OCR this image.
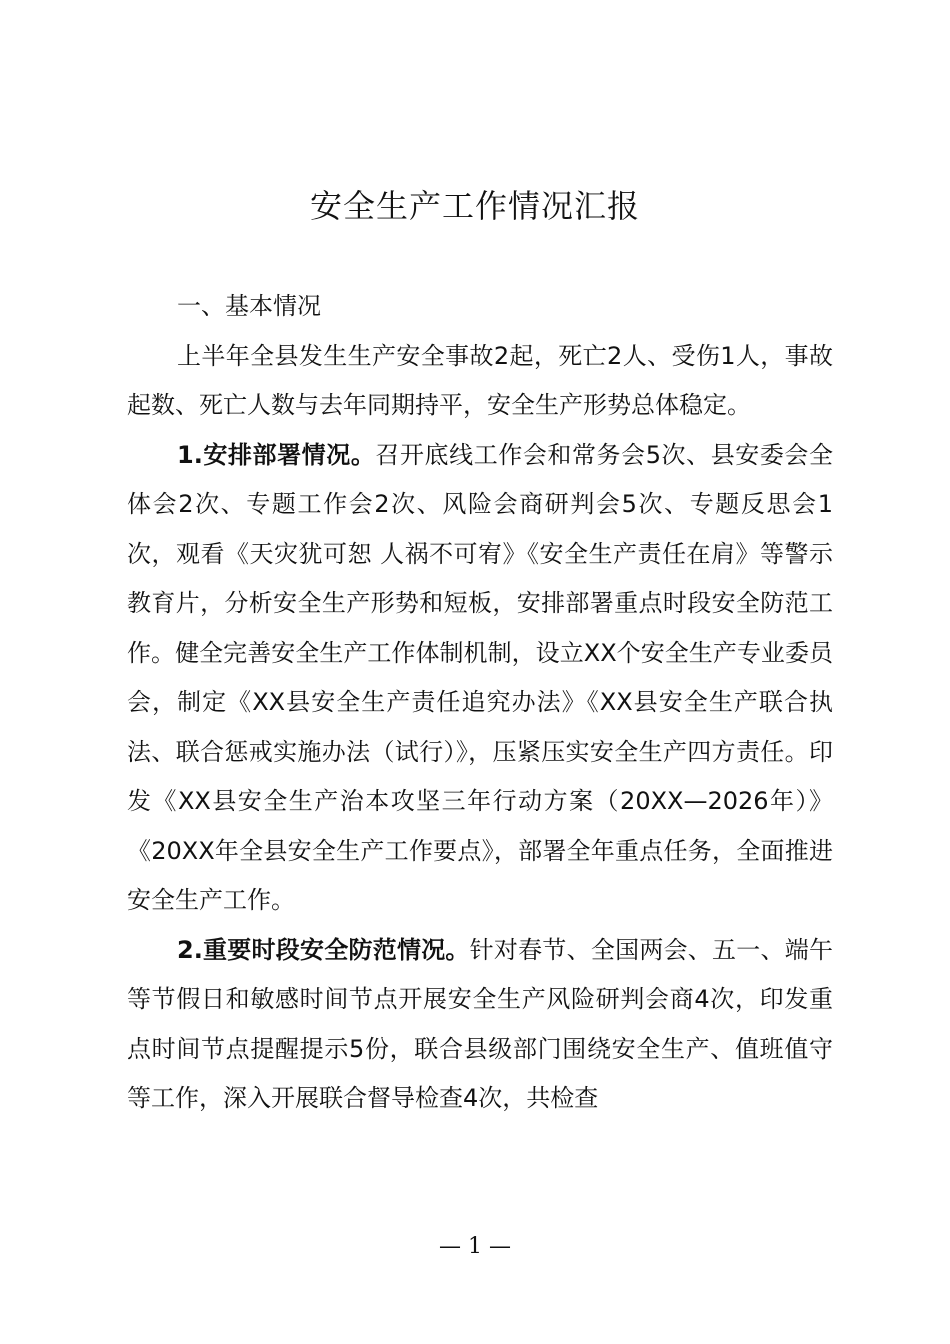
安全生产工作情况汇报

一、基本情况

上半年全县发生生产安全事故2起，死亡2人、受伤1人，事故起数、死亡人数与去年同期持平，安全生产形势总体稳定。

1.安排部署情况。召开底线工作会和常务会5次、县安委会全体会2次、专题工作会2次、风险会商研判会5次、专题反思会1次，观看《天灾犹可恕 人祸不可宥》《安全生产责任在肩》等警示教育片，分析安全生产形势和短板，安排部署重点时段安全防范工作。健全完善安全生产工作体制机制，设立XX个安全生产专业委员会，制定《XX县安全生产责任追究办法》《XX县安全生产联合执法、联合惩戒实施办法（试行）》，压紧压实安全生产四方责任。印发《XX县安全生产治本攻坚三年行动方案（20XX—2026年）》《20XX年全县安全生产工作要点》，部署全年重点任务，全面推进安全生产工作。

2.重要时段安全防范情况。针对春节、全国两会、五一、端午等节假日和敏感时间节点开展安全生产风险研判会商4次，印发重点时间节点提醒提示5份，联合县级部门围绕安全生产、值班值守等工作，深入开展联合督导检查4次，共检查

— 1 —
